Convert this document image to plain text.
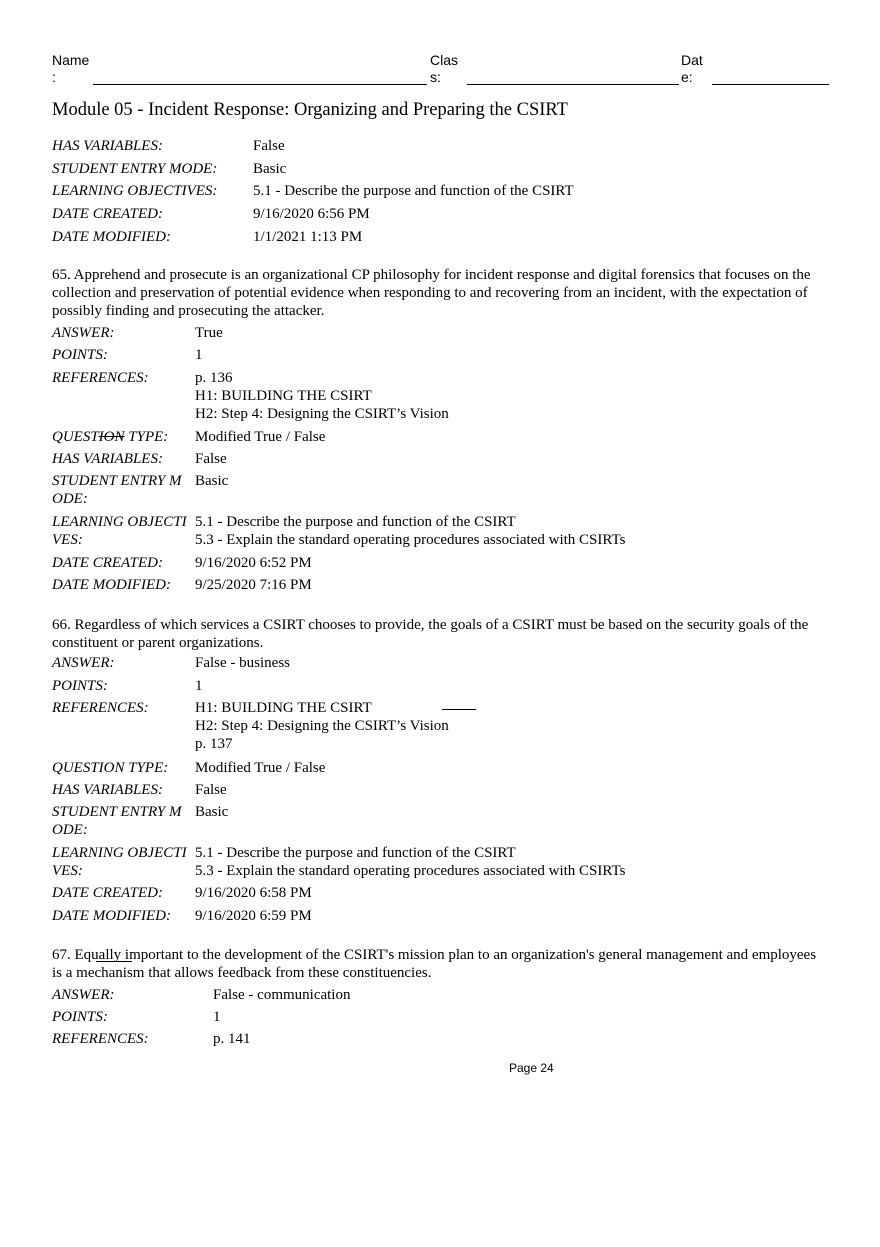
Name
:
Clas
s:
Dat
e:
Module 05 - Incident Response: Organizing and Preparing the CSIRT
HAS VARIABLES:	False
STUDENT ENTRY MODE: Basic
LEARNING OBJECTIVES: 5.1 - Describe the purpose and function of the CSIRT
DATE CREATED:	9/16/2020 6:56 PM
DATE MODIFIED:	1/1/2021 1:13 PM
65. Apprehend and prosecute is an organizational CP philosophy for incident response and digital forensics that focuses on the collection and preservation of potential evidence when responding to and recovering from an incident, with the expectation of possibly finding and prosecuting the attacker.
ANSWER:	True
POINTS:	1
REFERENCES:	p. 136
H1: BUILDING THE CSIRT
H2: Step 4: Designing the CSIRT’s Vision
QUESTION TYPE: Modified True / False
HAS VARIABLES: False
STUDENT ENTRY M
ODE:
Basic
LEARNING OBJECTI
VES:
5.1 - Describe the purpose and function of the CSIRT
5.3 - Explain the standard operating procedures associated with CSIRTs
DATE CREATED: 9/16/2020 6:52 PM
DATE MODIFIED: 9/25/2020 7:16 PM
66. Regardless of which services a CSIRT chooses to provide, the goals of a CSIRT must be based on the security goals of the constituent or parent organizations.
ANSWER:	False - business
POINTS:	1
REFERENCES:	H1: BUILDING THE CSIRT
H2: Step 4: Designing the CSIRT’s Vision
p. 137
QUESTION TYPE: Modified True / False
HAS VARIABLES: False
STUDENT ENTRY M
ODE:
Basic
LEARNING OBJECTI
VES:
5.1 - Describe the purpose and function of the CSIRT
5.3 - Explain the standard operating procedures associated with CSIRTs
DATE CREATED: 9/16/2020 6:58 PM
DATE MODIFIED: 9/16/2020 6:59 PM
67. Equally important to the development of the CSIRT's mission plan to an organization's general management and employees is a mechanism that allows feedback from these constituencies.
ANSWER:	False - communication
POINTS:	1
REFERENCES:	p. 141
Page 24
